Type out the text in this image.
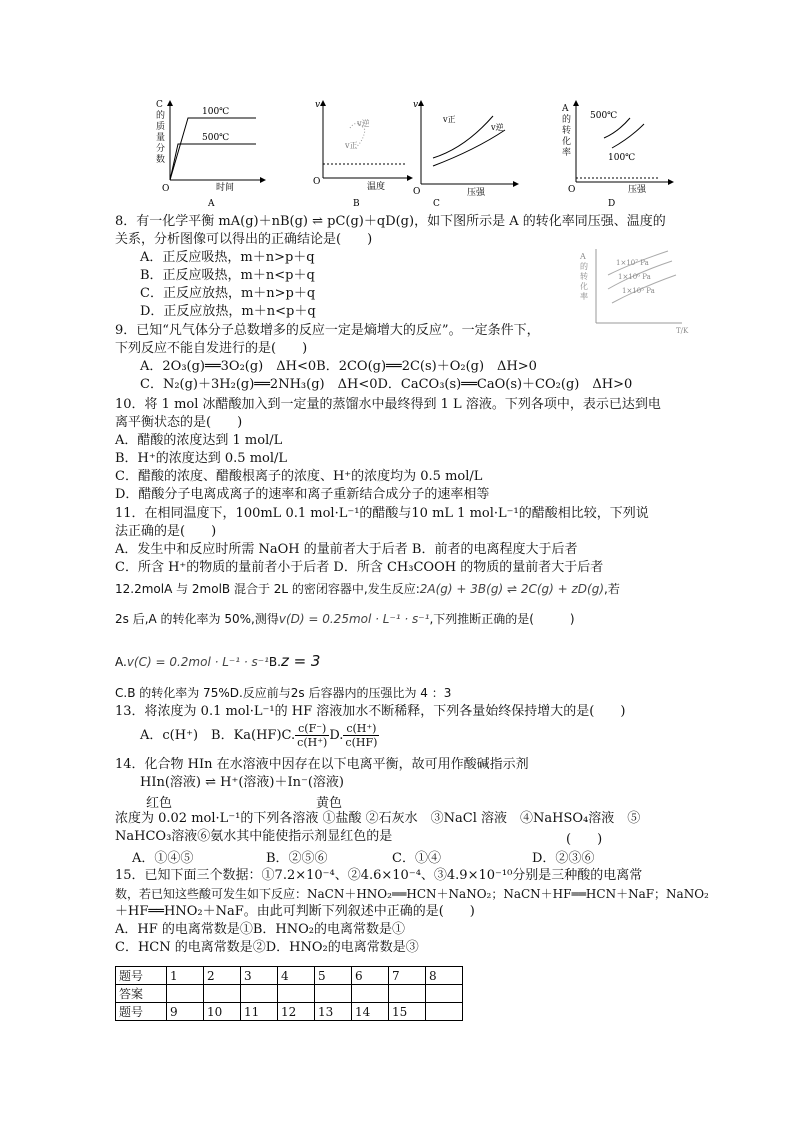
100℃
500℃
O	时间
A
C的质量分数
v
v逆
v正
O	温度
B
v
v正
v逆
O	压强
C
500℃
100℃
O	压强
D
A的转化率
1×10⁷ Pa
1×10⁶ Pa
1×10⁵ Pa
T/K
A的转化率
8．有一化学平衡 mA(g)＋nB(g) ⇌ pC(g)＋qD(g)，如下图所示是 A 的转化率同压强、温度的
关系，分析图像可以得出的正确结论是(　　)
A．正反应吸热，m＋n>p＋q
B．正反应吸热，m＋n<p＋q
C．正反应放热，m＋n>p＋q
D．正反应放热，m＋n<p＋q
9．已知“凡气体分子总数增多的反应一定是熵增大的反应”。一定条件下，
下列反应不能自发进行的是(　　)
A．2O₃(g)══3O₂(g)　ΔH<0B．2CO(g)══2C(s)＋O₂(g)　ΔH>0
C．N₂(g)＋3H₂(g)══2NH₃(g)　ΔH<0D．CaCO₃(s)══CaO(s)＋CO₂(g)　ΔH>0
10．将 1 mol 冰醋酸加入到一定量的蒸馏水中最终得到 1 L 溶液。下列各项中，表示已达到电
离平衡状态的是(　　)
A．醋酸的浓度达到 1 mol/L
B．H⁺的浓度达到 0.5 mol/L
C．醋酸的浓度、醋酸根离子的浓度、H⁺的浓度均为 0.5 mol/L
D．醋酸分子电离成离子的速率和离子重新结合成分子的速率相等
11．在相同温度下，100mL 0.1 mol·L⁻¹的醋酸与10 mL 1 mol·L⁻¹的醋酸相比较，下列说
法正确的是(　　)
A．发生中和反应时所需 NaOH 的量前者大于后者 B．前者的电离程度大于后者
C．所含 H⁺的物质的量前者小于后者 D．所含 CH₃COOH 的物质的量前者大于后者
12.2molA 与 2molB 混合于 2L 的密闭容器中,发生反应:2A(g) + 3B(g) ⇌ 2C(g) + zD(g),若
2s 后,A 的转化率为 50%,测得v(D) = 0.25mol · L⁻¹ · s⁻¹,下列推断正确的是(　　　)
A.v(C) = 0.2mol · L⁻¹ · s⁻¹B.z = 3
C.B 的转化率为 75%D.反应前与2s 后容器内的压强比为 4 ：3
13．将浓度为 0.1 mol·L⁻¹的 HF 溶液加水不断稀释，下列各量始终保持增大的是(　　)
A．c(H⁺)　B．Ka(HF)C. $\frac{c(F^-)}{c(H^+)} D$. $\frac{c(H^+)}{c(HF)}$
14．化合物 HIn 在水溶液中因存在以下电离平衡，故可用作酸碱指示剂
HIn(溶液) ⇌ H⁺(溶液)＋In⁻(溶液)
红色	黄色
浓度为 0.02 mol·L⁻¹的下列各溶液 ①盐酸 ②石灰水　③NaCl 溶液　④NaHSO₄溶液　⑤
NaHCO₃溶液⑥氨水其中能使指示剂显红色的是	(　　)
A．①④⑤	B．②⑤⑥	C．①④	D．②③⑥
15．已知下面三个数据：①7.2×10⁻⁴、②4.6×10⁻⁴、③4.9×10⁻¹⁰分别是三种酸的电离常
数，若已知这些酸可发生如下反应：NaCN＋HNO₂══HCN＋NaNO₂；NaCN＋HF══HCN＋NaF；NaNO₂
＋HF══HNO₂＋NaF。由此可判断下列叙述中正确的是(　　)
A．HF 的电离常数是①B．HNO₂的电离常数是①
C．HCN 的电离常数是②D．HNO₂的电离常数是③
题号	1	2	3	4	5	6	7	8
答案								
题号	9	10	11	12	13	14	15	
